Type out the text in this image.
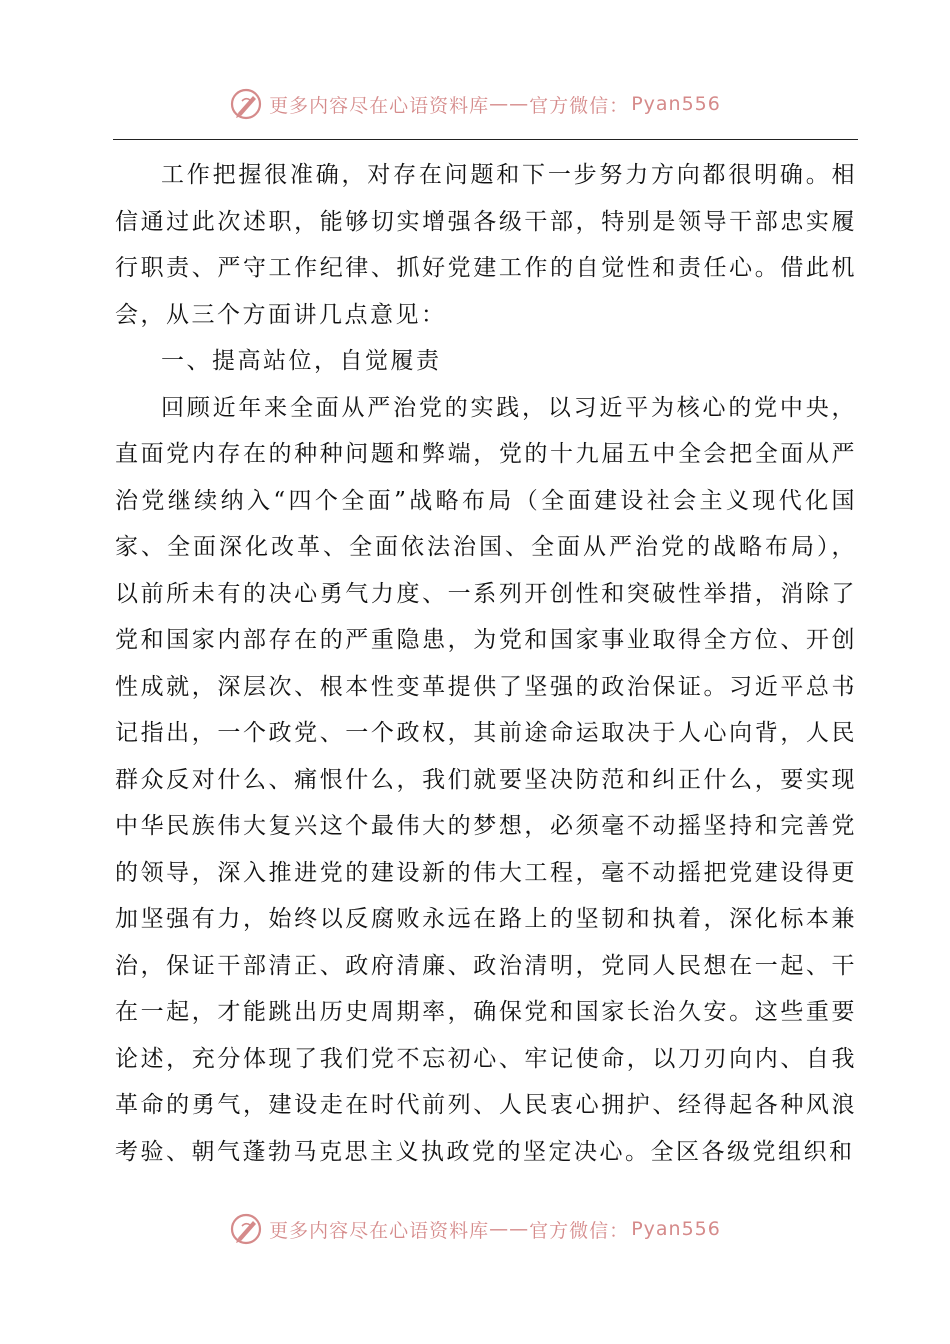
更多内容尽在心语资料库 —— 官方微信： Pyan556

工作把握很准确，对存在问题和下一步努力方向都很明确。相信通过此次述职，能够切实增强各级干部，特别是领导干部忠实履行职责、严守工作纪律、抓好党建工作的自觉性和责任心。借此机会，从三个方面讲几点意见：

一、提高站位，自觉履责

回顾近年来全面从严治党的实践，以习近平为核心的党中央，直面党内存在的种种问题和弊端，党的十九届五中全会把全面从严治党继续纳入“四个全面”战略布局（全面建设社会主义现代化国家、全面深化改革、全面依法治国、全面从严治党的战略布局），以前所未有的决心勇气力度、一系列开创性和突破性举措，消除了党和国家内部存在的严重隐患，为党和国家事业取得全方位、开创性成就，深层次、根本性变革提供了坚强的政治保证。习近平总书记指出，一个政党、一个政权，其前途命运取决于人心向背，人民群众反对什么、痛恨什么，我们就要坚决防范和纠正什么，要实现中华民族伟大复兴这个最伟大的梦想，必须毫不动摇坚持和完善党的领导，深入推进党的建设新的伟大工程，毫不动摇把党建设得更加坚强有力，始终以反腐败永远在路上的坚韧和执着，深化标本兼治，保证干部清正、政府清廉、政治清明，党同人民想在一起、干在一起，才能跳出历史周期率，确保党和国家长治久安。这些重要论述，充分体现了我们党不忘初心、牢记使命，以刀刃向内、自我革命的勇气，建设走在时代前列、人民衷心拥护、经得起各种风浪考验、朝气蓬勃马克思主义执政党的坚定决心。全区各级党组织和

更多内容尽在心语资料库 —— 官方微信： Pyan556
